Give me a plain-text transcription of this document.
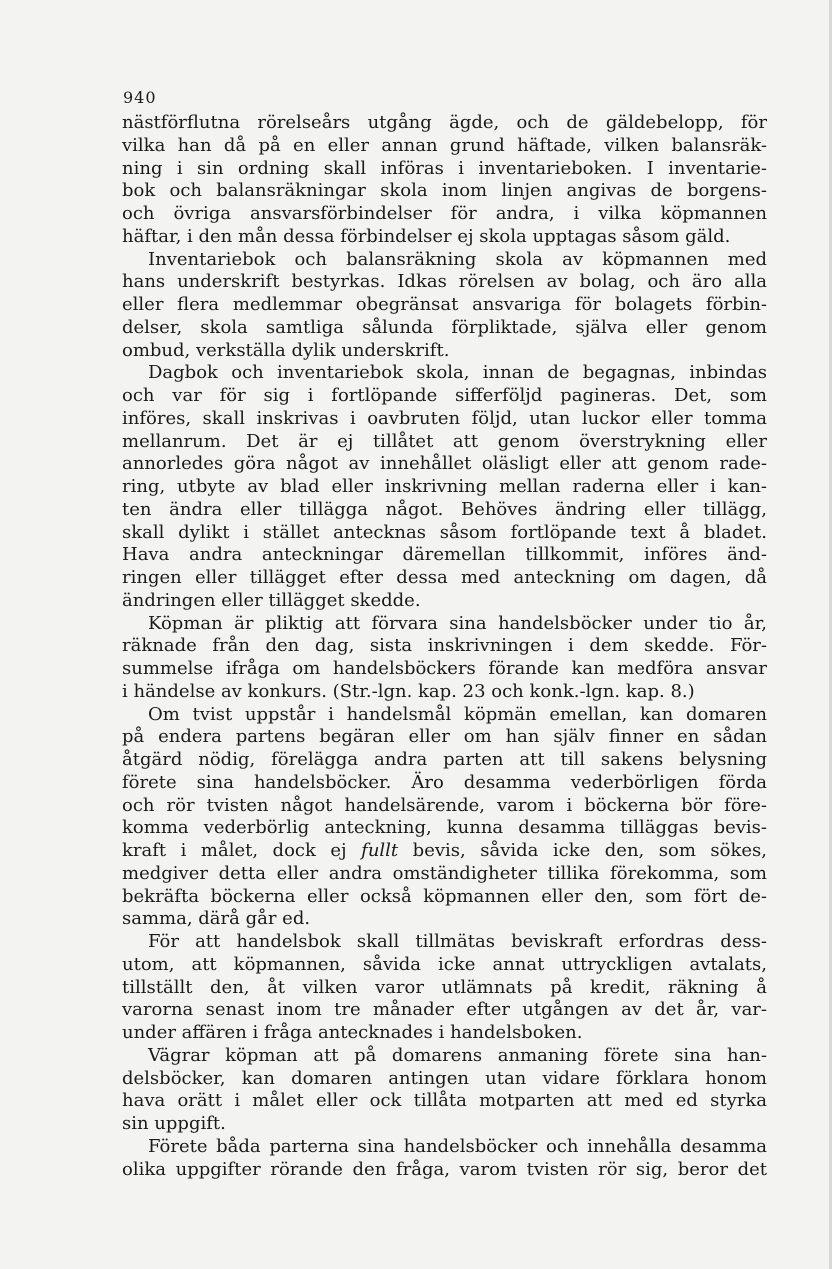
940
nästförflutna rörelseårs utgång ägde, och de gäldebelopp, för
vilka han då på en eller annan grund häftade, vilken balansräk-
ning i sin ordning skall införas i inventarieboken. I inventarie-
bok och balansräkningar skola inom linjen angivas de borgens-
och övriga ansvarsförbindelser för andra, i vilka köpmannen
häftar, i den mån dessa förbindelser ej skola upptagas såsom gäld.
Inventariebok och balansräkning skola av köpmannen med
hans underskrift bestyrkas. Idkas rörelsen av bolag, och äro alla
eller flera medlemmar obegränsat ansvariga för bolagets förbin-
delser, skola samtliga sålunda förpliktade, själva eller genom
ombud, verkställa dylik underskrift.
Dagbok och inventariebok skola, innan de begagnas, inbindas
och var för sig i fortlöpande sifferföljd pagineras. Det, som
införes, skall inskrivas i oavbruten följd, utan luckor eller tomma
mellanrum. Det är ej tillåtet att genom överstrykning eller
annorledes göra något av innehållet oläsligt eller att genom rade-
ring, utbyte av blad eller inskrivning mellan raderna eller i kan-
ten ändra eller tillägga något. Behöves ändring eller tillägg,
skall dylikt i stället antecknas såsom fortlöpande text å bladet.
Hava andra anteckningar däremellan tillkommit, införes änd-
ringen eller tillägget efter dessa med anteckning om dagen, då
ändringen eller tillägget skedde.
Köpman är pliktig att förvara sina handelsböcker under tio år,
räknade från den dag, sista inskrivningen i dem skedde. För-
summelse ifråga om handelsböckers förande kan medföra ansvar
i händelse av konkurs. (Str.-lgn. kap. 23 och konk.-lgn. kap. 8.)
Om tvist uppstår i handelsmål köpmän emellan, kan domaren
på endera partens begäran eller om han själv finner en sådan
åtgärd nödig, förelägga andra parten att till sakens belysning
förete sina handelsböcker. Äro desamma vederbörligen förda
och rör tvisten något handelsärende, varom i böckerna bör före-
komma vederbörlig anteckning, kunna desamma tilläggas bevis-
kraft i målet, dock ej fullt bevis, såvida icke den, som sökes,
medgiver detta eller andra omständigheter tillika förekomma, som
bekräfta böckerna eller också köpmannen eller den, som fört de-
samma, därå går ed.
För att handelsbok skall tillmätas beviskraft erfordras dess-
utom, att köpmannen, såvida icke annat uttryckligen avtalats,
tillställt den, åt vilken varor utlämnats på kredit, räkning å
varorna senast inom tre månader efter utgången av det år, var-
under affären i fråga antecknades i handelsboken.
Vägrar köpman att på domarens anmaning förete sina han-
delsböcker, kan domaren antingen utan vidare förklara honom
hava orätt i målet eller ock tillåta motparten att med ed styrka
sin uppgift.
Förete båda parterna sina handelsböcker och innehålla desamma
olika uppgifter rörande den fråga, varom tvisten rör sig, beror det
